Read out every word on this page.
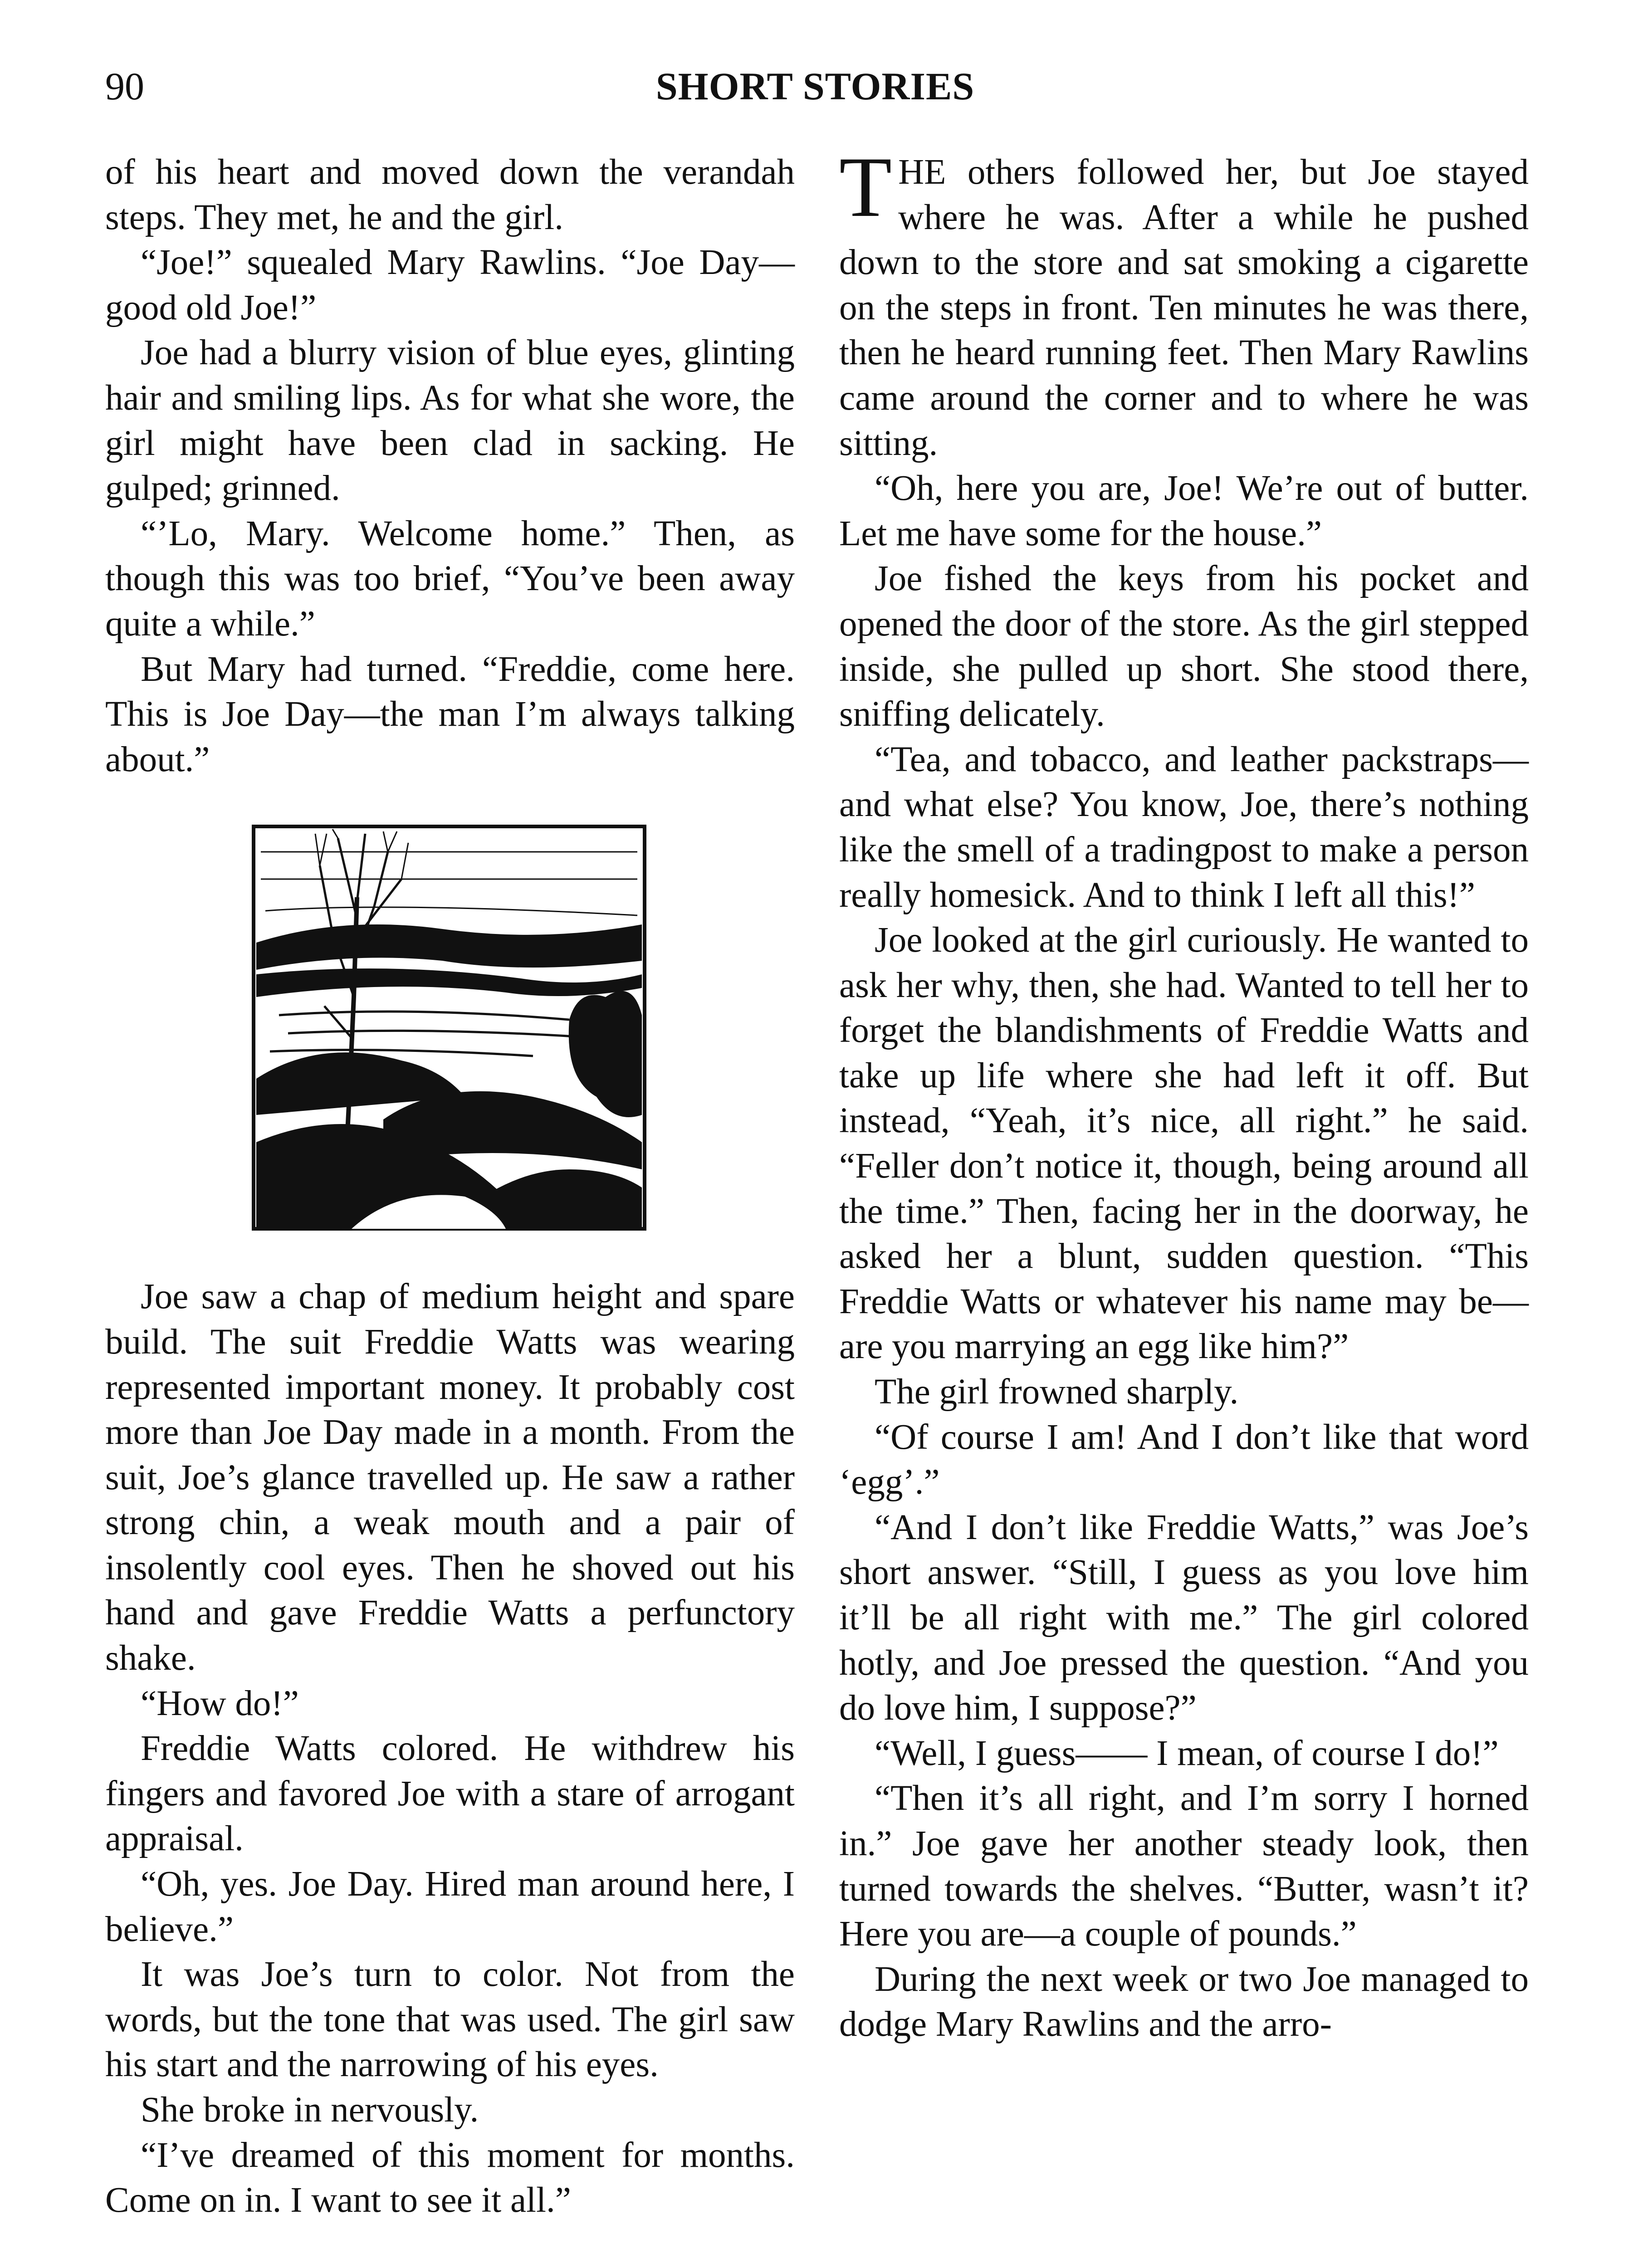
90	SHORT STORIES

of his heart and moved down the verandah steps. They met, he and the girl.

“Joe!” squealed Mary Rawlins. “Joe Day—good old Joe!”

Joe had a blurry vision of blue eyes, glinting hair and smiling lips. As for what she wore, the girl might have been clad in sacking. He gulped; grinned.

“’Lo, Mary. Welcome home.” Then, as though this was too brief, “You’ve been away quite a while.”

But Mary had turned. “Freddie, come here. This is Joe Day—the man I’m always talking about.”

Joe saw a chap of medium height and spare build. The suit Freddie Watts was wearing represented important money. It probably cost more than Joe Day made in a month. From the suit, Joe’s glance travelled up. He saw a rather strong chin, a weak mouth and a pair of insolently cool eyes. Then he shoved out his hand and gave Freddie Watts a perfunctory shake.

“How do!”

Freddie Watts colored. He withdrew his fingers and favored Joe with a stare of arrogant appraisal.

“Oh, yes. Joe Day. Hired man around here, I believe.”

It was Joe’s turn to color. Not from the words, but the tone that was used. The girl saw his start and the narrowing of his eyes.

She broke in nervously.

“I’ve dreamed of this moment for months. Come on in. I want to see it all.”

THE others followed her, but Joe stayed where he was. After a while he pushed down to the store and sat smoking a cigarette on the steps in front. Ten minutes he was there, then he heard running feet. Then Mary Rawlins came around the corner and to where he was sitting.

“Oh, here you are, Joe! We’re out of butter. Let me have some for the house.”

Joe fished the keys from his pocket and opened the door of the store. As the girl stepped inside, she pulled up short. She stood there, sniffing delicately.

“Tea, and tobacco, and leather packstraps—and what else? You know, Joe, there’s nothing like the smell of a tradingpost to make a person really homesick. And to think I left all this!”

Joe looked at the girl curiously. He wanted to ask her why, then, she had. Wanted to tell her to forget the blandishments of Freddie Watts and take up life where she had left it off. But instead, “Yeah, it’s nice, all right.” he said. “Feller don’t notice it, though, being around all the time.” Then, facing her in the doorway, he asked her a blunt, sudden question. “This Freddie Watts or whatever his name may be—are you marrying an egg like him?”

The girl frowned sharply.

“Of course I am! And I don’t like that word ‘egg’.”

“And I don’t like Freddie Watts,” was Joe’s short answer. “Still, I guess as you love him it’ll be all right with me.” The girl colored hotly, and Joe pressed the question. “And you do love him, I suppose?”

“Well, I guess—— I mean, of course I do!”

“Then it’s all right, and I’m sorry I horned in.” Joe gave her another steady look, then turned towards the shelves. “Butter, wasn’t it? Here you are—a couple of pounds.”

During the next week or two Joe managed to dodge Mary Rawlins and the arro-
